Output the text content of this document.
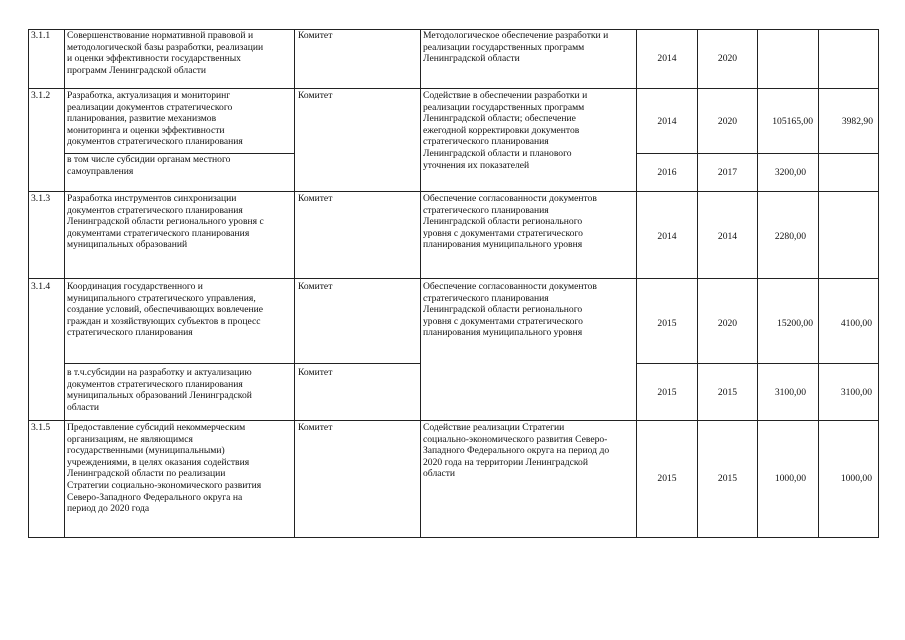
3.1.1 Совершенствование нормативной правовой и
методологической базы разработки, реализации
и оценки эффективности государственных
программ Ленинградской области
Комитет	Методологическое обеспечение разработки и
реализации государственных программ
Ленинградской области	2014	2020
3.1.2 Разработка, актуализация и мониторинг
реализации документов стратегического
планирования, развитие механизмов
мониторинга и оценки эффективности
документов стратегического планирования
Комитет	Содействие в обеспечении разработки и
реализации государственных программ
Ленинградской области; обеспечение
ежегодной корректировки документов
стратегического планирования
Ленинградской области и планового
уточнения их показателей
2014	2020	105165,00	3982,90
в том числе субсидии органам местного
самоуправления	2016	2017	3200,00
3.1.3 Разработка инструментов синхронизации
документов стратегического планирования
Ленинградской области регионального уровня с
документами стратегического планирования
муниципальных образований
Комитет	Обеспечение согласованности документов
стратегического планирования
Ленинградской области регионального
уровня с документами стратегического
планирования муниципального уровня
2014	2014	2280,00
3.1.4 Координация государственного и
муниципального стратегического управления,
создание условий, обеспечивающих вовлечение
граждан и хозяйствующих субъектов в процесс
стратегического планирования
Комитет	Обеспечение согласованности документов
стратегического планирования
Ленинградской области регионального
уровня с документами стратегического
планирования муниципального уровня
2015	2020	15200,00	4100,00
в т.ч.субсидии на разработку и актуализацию
документов стратегического планирования
муниципальных образований Ленинградской
области
Комитет
2015	2015	3100,00	3100,00
3.1.5 Предоставление субсидий некоммерческим
организациям, не являющимся
государственными (муниципальными)
учреждениями, в целях оказания содействия
Ленинградской области по реализации
Стратегии социально-экономического развития
Северо-Западного Федерального округа на
период до 2020 года
Комитет	Содействие реализации Стратегии
социально-экономического развития Северо-
Западного Федерального округа на период до
2020 года на территории Ленинградской
области	2015	2015	1000,00	1000,00
